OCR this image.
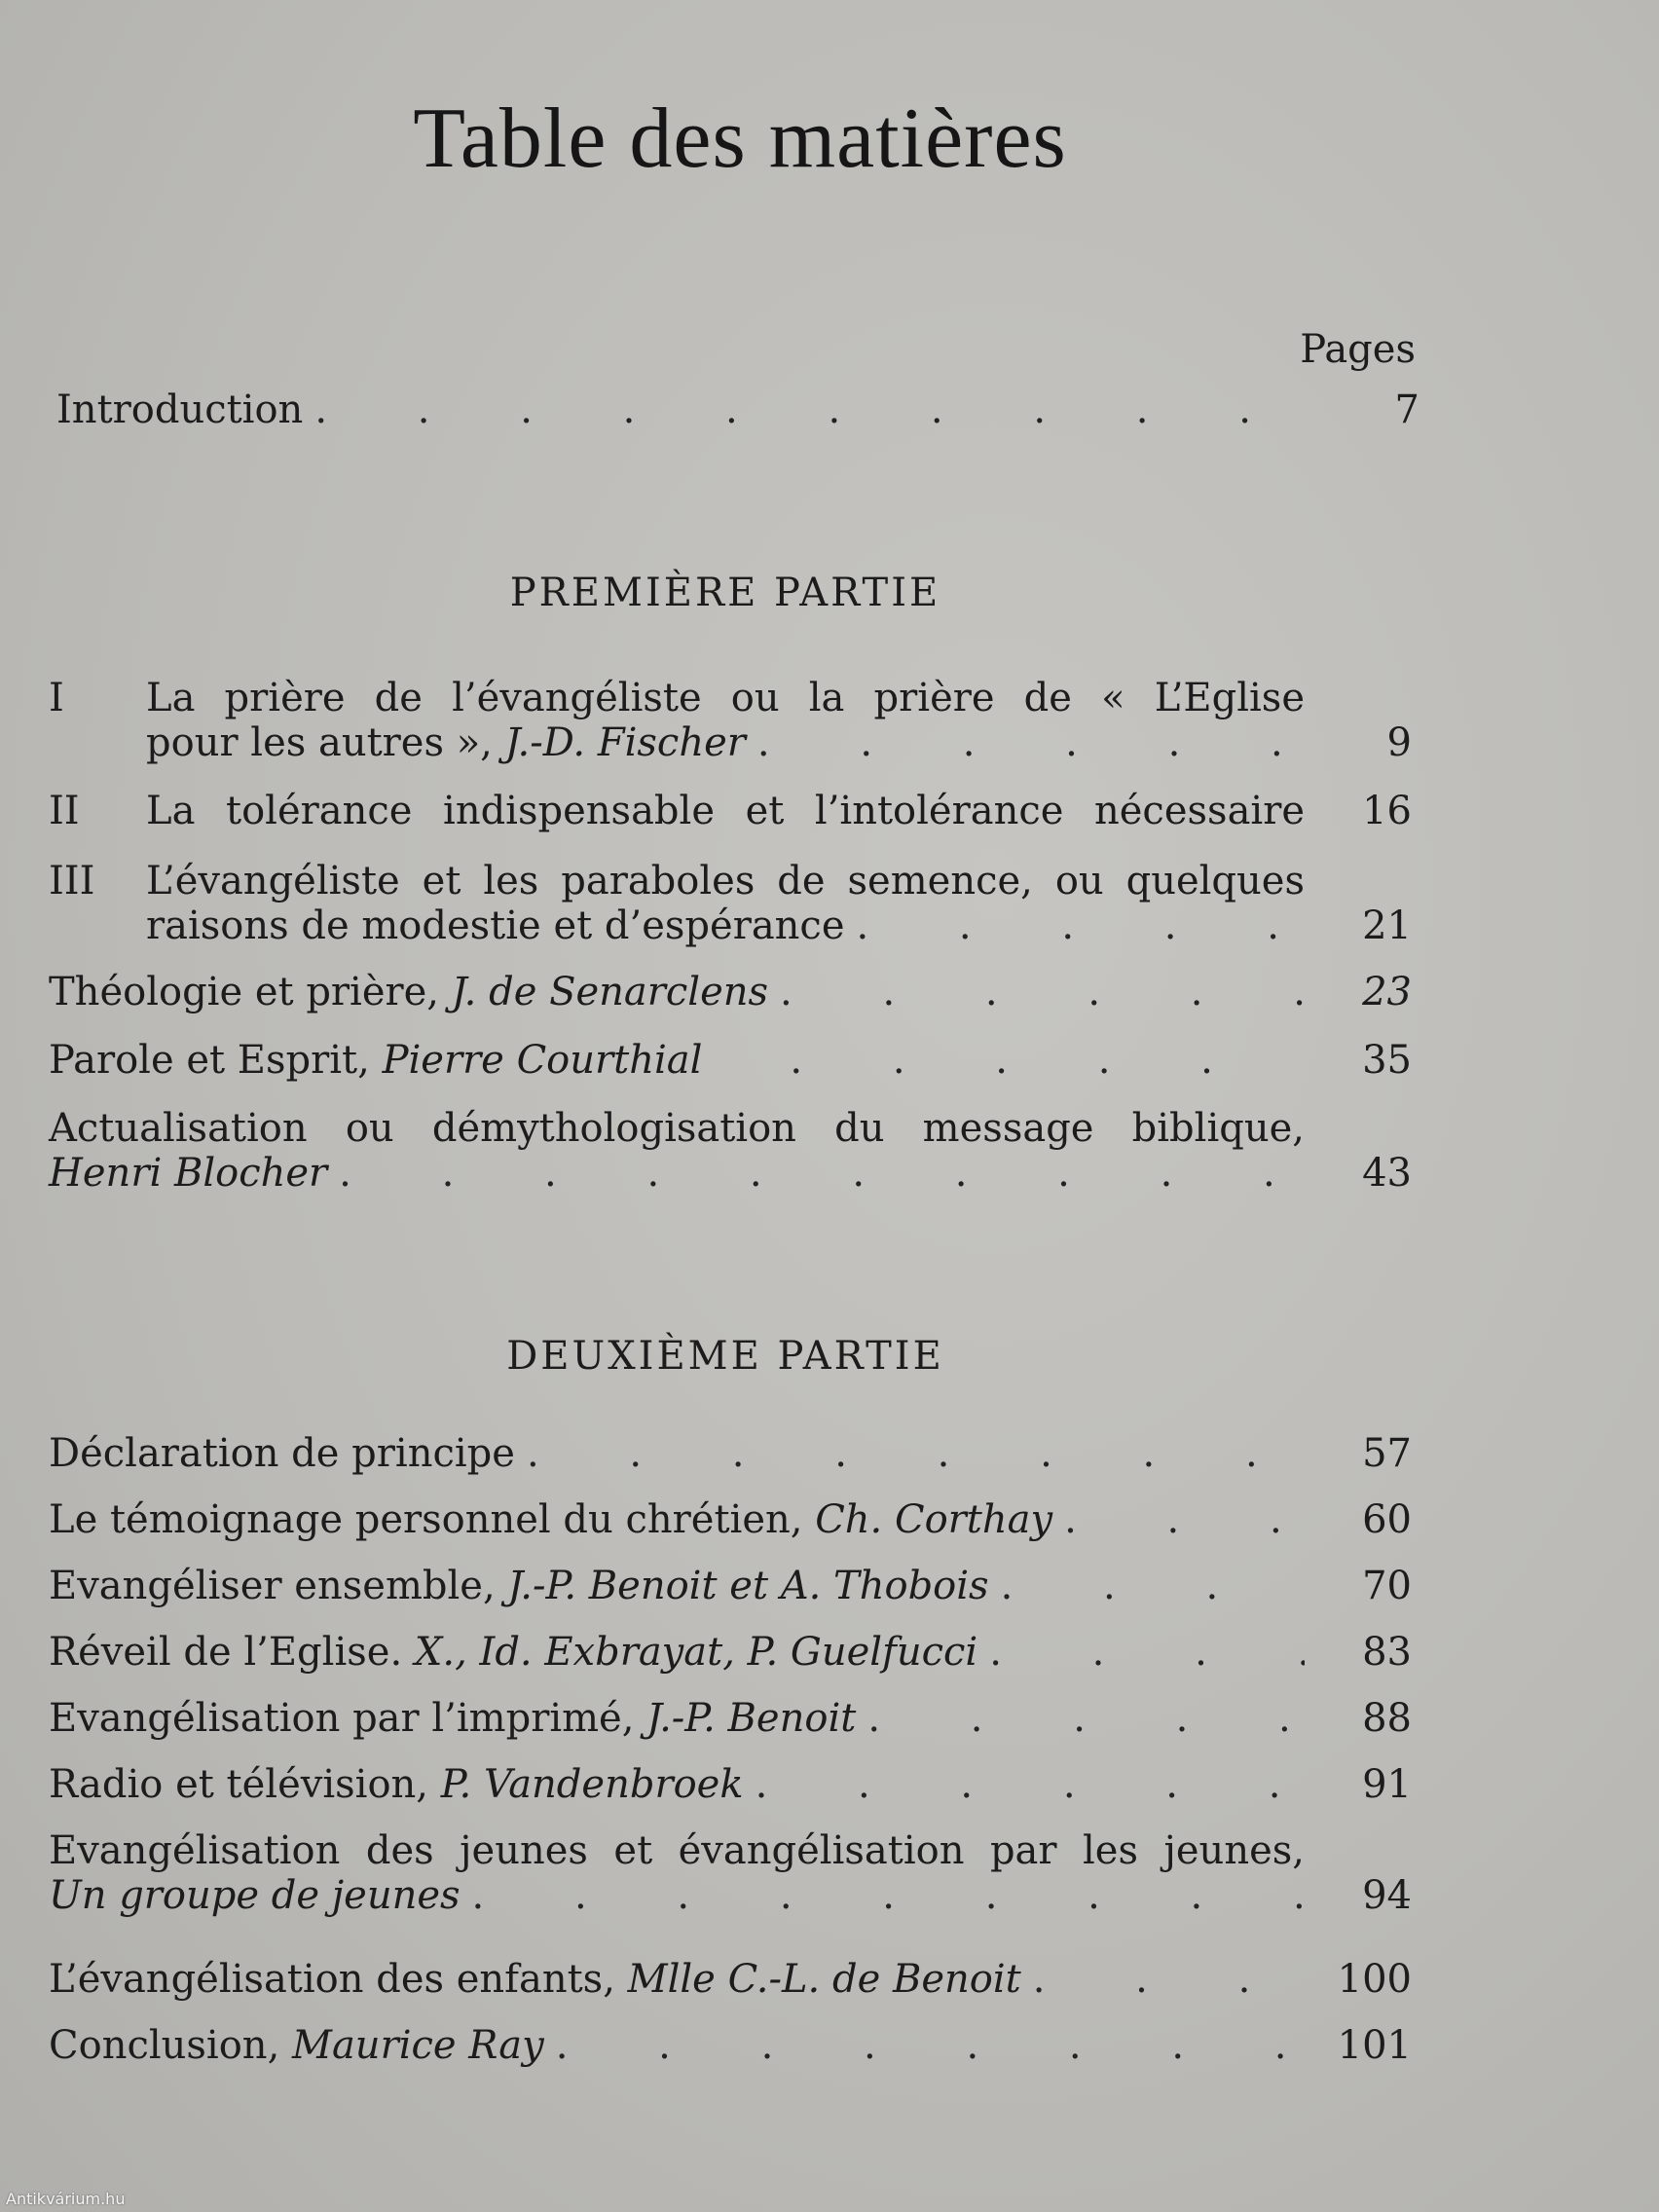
Table des matières
Pages
Introduction . . .	7
PREMIÈRE PARTIE
I	La prière de l’évangéliste ou la prière de « L’Eglise
pour les autres », J.-D. Fischer . . .	9
II	La tolérance indispensable et l’intolérance nécessaire	16
III	L’évangéliste et les paraboles de semence, ou quelques
raisons de modestie et d’espérance . . .	21
Théologie et prière, J. de Senarclens . . .	23
Parole et Esprit, Pierre Courthial . . .	35
Actualisation ou démythologisation du message biblique,
Henri Blocher . . .	43
DEUXIÈME PARTIE
Déclaration de principe . . .	57
Le témoignage personnel du chrétien, Ch. Corthay . . .	60
Evangéliser ensemble, J.-P. Benoit et A. Thobois . . .	70
Réveil de l’Eglise. X., Id. Exbrayat, P. Guelfucci . . .	83
Evangélisation par l’imprimé, J.-P. Benoit . . .	88
Radio et télévision, P. Vandenbroek . . .	91
Evangélisation des jeunes et évangélisation par les jeunes,
Un groupe de jeunes . . .	94
L’évangélisation des enfants, Mlle C.-L. de Benoit . . .	100
Conclusion, Maurice Ray . . .	101
Antikvárium.hu
